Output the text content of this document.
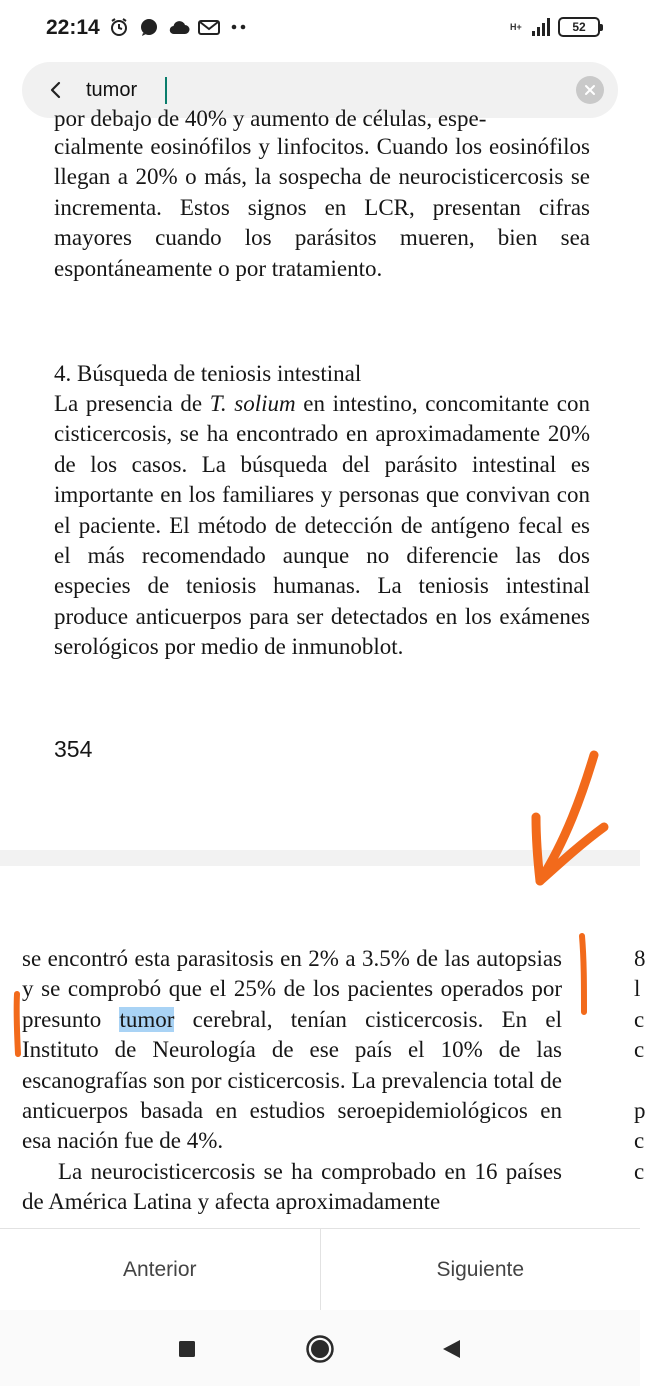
22:14	H+	52
tumor
por debajo de 40% y aumento de células, espe-
cialmente eosinófilos y linfocitos. Cuando los eosinófilos llegan a 20% o más, la sospecha de neurocisticercosis se incrementa. Estos signos en LCR, presentan cifras mayores cuando los parásitos mueren, bien sea espontáneamente o por tratamiento.
4. Búsqueda de teniosis intestinal
La presencia de T. solium en intestino, concomitante con cisticercosis, se ha encontrado en aproximadamente 20% de los casos. La búsqueda del parásito intestinal es importante en los familiares y personas que convivan con el paciente. El método de detección de antígeno fecal es el más recomendado aunque no diferencie las dos especies de teniosis humanas. La teniosis intestinal produce anticuerpos para ser detectados en los exámenes serológicos por medio de inmunoblot.
354

se encontró esta parasitosis en 2% a 3.5% de las autopsias y se comprobó que el 25% de los pacientes operados por presunto tumor cerebral, tenían cisticercosis. En el Instituto de Neurología de ese país el 10% de las escanografías son por cisticercosis. La prevalencia total de anticuerpos basada en estudios seroepidemiológicos en esa nación fue de 4%.

La neurocisticercosis se ha comprobado en 16 países de América Latina y afecta aproximadamente

8
l
c
c

p
c
c
Anterior	Siguiente
